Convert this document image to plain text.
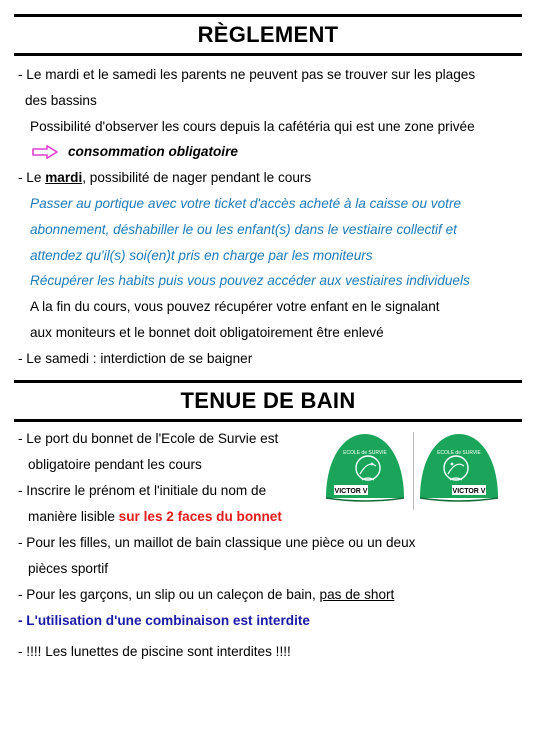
RÈGLEMENT
- Le mardi et le samedi les parents ne peuvent pas se trouver sur les plages
des bassins
Possibilité d'observer les cours depuis la cafétéria qui est une zone privée
consommation obligatoire
- Le mardi, possibilité de nager pendant le cours
Passer au portique avec votre ticket d'accès acheté à la caisse ou votre
abonnement, déshabiller le ou les enfant(s) dans le vestiaire collectif et
attendez qu'il(s) soi(en)t pris en charge par les moniteurs
Récupérer les habits puis vous pouvez accéder aux vestiaires individuels
A la fin du cours, vous pouvez récupérer votre enfant en le signalant
aux moniteurs et le bonnet doit obligatoirement être enlevé
- Le samedi : interdiction de se baigner
TENUE DE BAIN
- Le port du bonnet de l'Ecole de Survie est
obligatoire pendant les cours
- Inscrire le prénom et l'initiale du nom de
manière lisible sur les 2 faces du bonnet
- Pour les filles, un maillot de bain classique une pièce ou un deux
pièces sportif
- Pour les garçons, un slip ou un caleçon de bain, pas de short
- L'utilisation d'une combinaison est interdite
- !!!! Les lunettes de piscine sont interdites !!!!
ECOLE de SURVIE
VICTOR V
ECOLE de SURVIE
VICTOR V
